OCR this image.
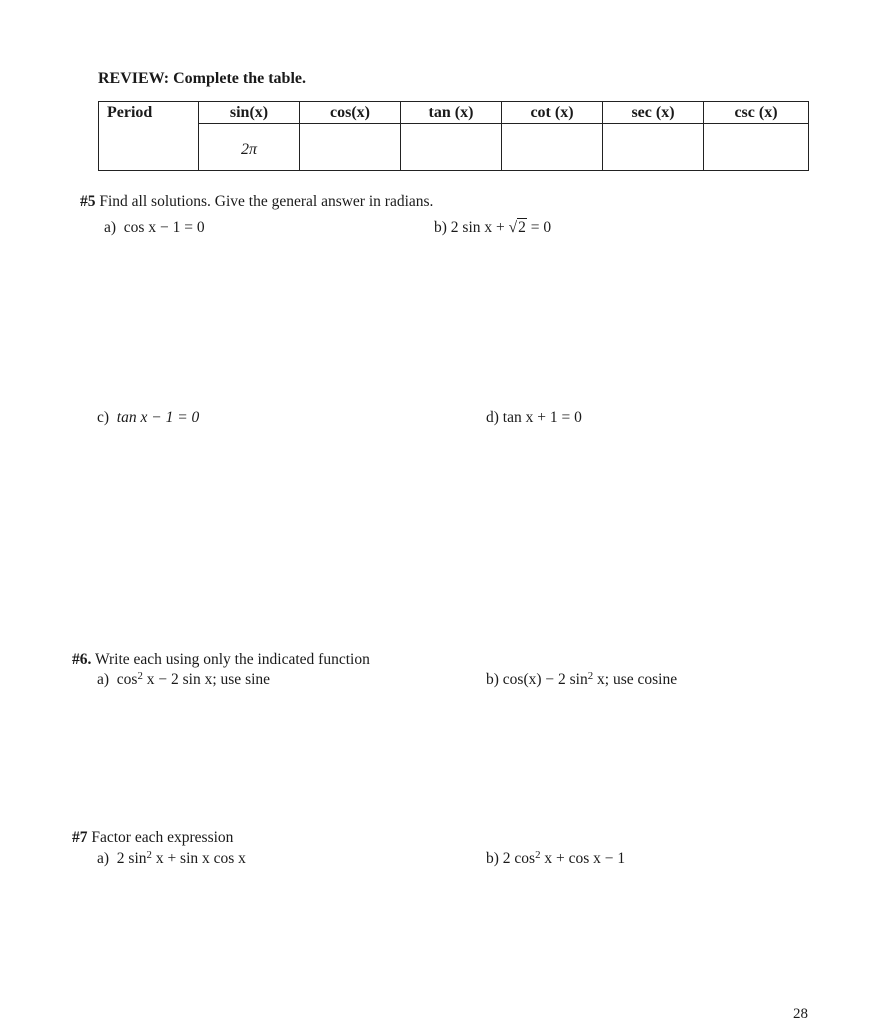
REVIEW: Complete the table.
Period	sin(x)	cos(x)	tan (x)	cot (x)	sec (x)	csc (x)
	2π					
#5 Find all solutions. Give the general answer in radians.
a) cos x − 1 = 0	b) 2 sin x + √2 = 0
c) tan x − 1 = 0	d) tan x + 1 = 0
#6. Write each using only the indicated function
a) $\cos^2 x - 2$ sin x; use sine	b) cos(x) − 2 $\sin^2 x$; use cosine
#7 Factor each expression
a) 2 $\sin^2 x + \sin x$ cos x	b) 2 $\cos^2 x + \cos x - 1$
28
